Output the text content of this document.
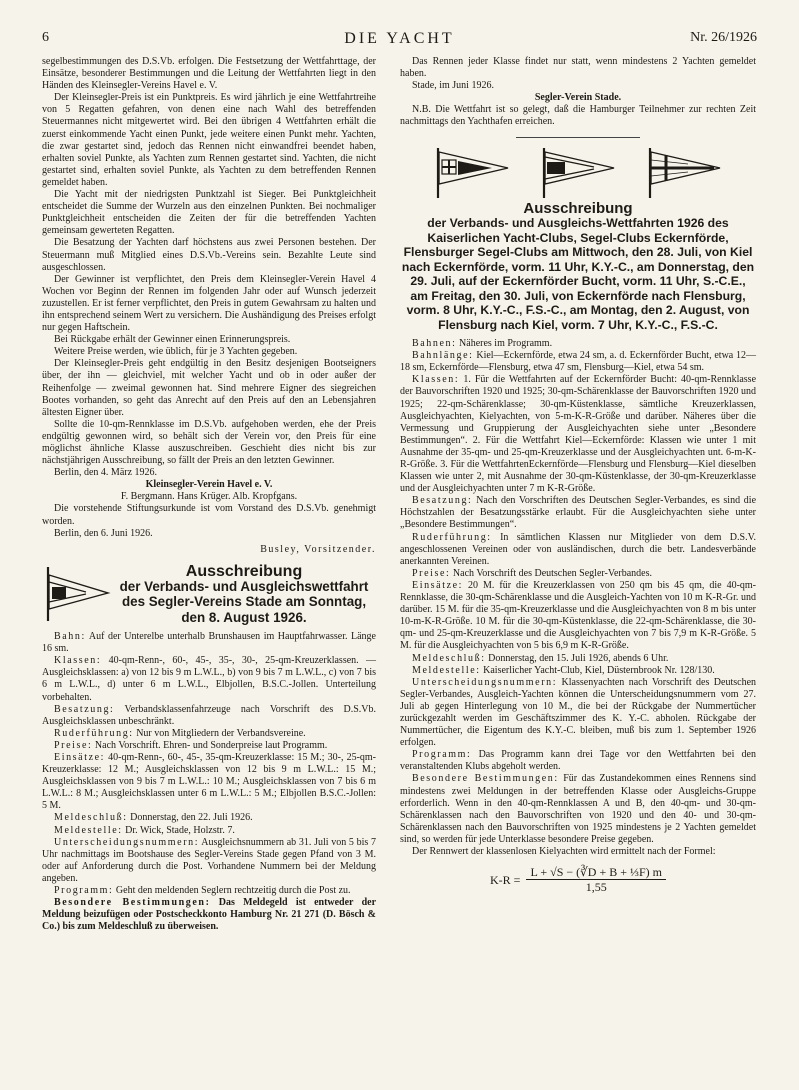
6	DIE YACHT	Nr. 26/1926

segelbestimmungen des D.S.Vb. erfolgen. Die Festsetzung der Wettfahrttage, der Einsätze, besonderer Bestimmungen und die Leitung der Wettfahrten liegt in den Händen des Kleinsegler-Vereins Havel e. V.

Der Kleinsegler-Preis ist ein Punktpreis. Es wird jährlich je eine Wettfahrtreihe von 5 Regatten gefahren, von denen eine nach Wahl des betreffenden Steuermannes nicht mitgewertet wird. Bei den übrigen 4 Wettfahrten erhält die zuerst einkommende Yacht einen Punkt, jede weitere einen Punkt mehr. Yachten, die zwar gestartet sind, jedoch das Rennen nicht einwandfrei beendet haben, erhalten soviel Punkte, als Yachten zum Rennen gestartet sind. Yachten, die nicht gestartet sind, erhalten soviel Punkte, als Yachten zu dem betreffenden Rennen gemeldet haben.

Die Yacht mit der niedrigsten Punktzahl ist Sieger. Bei Punktgleichheit entscheidet die Summe der Wurzeln aus den einzelnen Punkten. Bei nochmaliger Punktgleichheit entscheiden die Zeiten der für die betreffenden Yachten gemeinsam gewerteten Regatten.

Die Besatzung der Yachten darf höchstens aus zwei Personen bestehen. Der Steuermann muß Mitglied eines D.S.Vb.-Vereins sein. Bezahlte Leute sind ausgeschlossen.

Der Gewinner ist verpflichtet, den Preis dem Kleinsegler-Verein Havel 4 Wochen vor Beginn der Rennen im folgenden Jahr oder auf Wunsch jederzeit zuzustellen. Er ist ferner verpflichtet, den Preis in gutem Gewahrsam zu halten und ihn entsprechend seinem Wert zu versichern. Die Aushändigung des Preises erfolgt nur gegen Haftschein.

Bei Rückgabe erhält der Gewinner einen Erinnerungspreis.

Weitere Preise werden, wie üblich, für je 3 Yachten gegeben.

Der Kleinsegler-Preis geht endgültig in den Besitz desjenigen Bootseigners über, der ihn — gleichviel, mit welcher Yacht und ob in oder außer der Reihenfolge — zweimal gewonnen hat. Sind mehrere Eigner des siegreichen Bootes vorhanden, so geht das Anrecht auf den Preis auf den an Lebensjahren ältesten Eigner über.

Sollte die 10-qm-Rennklasse im D.S.Vb. aufgehoben werden, ehe der Preis endgültig gewonnen wird, so behält sich der Verein vor, den Preis für eine möglichst ähnliche Klasse auszuschreiben. Geschieht dies nicht bis zur nächstjährigen Ausschreibung, so fällt der Preis an den letzten Gewinner.

Berlin, den 4. März 1926.

Kleinsegler-Verein Havel e. V.

F. Bergmann. Hans Krüger. Alb. Kropfgans.

Die vorstehende Stiftungsurkunde ist vom Vorstand des D.S.Vb. genehmigt worden.

Berlin, den 6. Juni 1926.

Busley, Vorsitzender.

Ausschreibung
der Verbands- und Ausgleichswettfahrt
des Segler-Vereins Stade am Sonntag,
den 8. August 1926.

Bahn: Auf der Unterelbe unterhalb Brunshausen im Hauptfahrwasser. Länge 16 sm.

Klassen: 40-qm-Renn-, 60-, 45-, 35-, 30-, 25-qm-Kreuzerklassen. — Ausgleichsklassen: a) von 12 bis 9 m L.W.L., b) von 9 bis 7 m L.W.L., c) von 7 bis 6 m L.W.L., d) unter 6 m L.W.L., Elbjollen, B.S.C.-Jollen. Unterteilung vorbehalten.

Besatzung: Verbandsklassenfahrzeuge nach Vorschrift des D.S.Vb. Ausgleichsklassen unbeschränkt.

Ruderführung: Nur von Mitgliedern der Verbandsvereine.

Preise: Nach Vorschrift. Ehren- und Sonderpreise laut Programm.

Einsätze: 40-qm-Renn-, 60-, 45-, 35-qm-Kreuzerklasse: 15 M.; 30-, 25-qm-Kreuzerklasse: 12 M.; Ausgleichsklassen von 12 bis 9 m L.W.L.: 15 M.; Ausgleichsklassen von 9 bis 7 m L.W.L.: 10 M.; Ausgleichsklassen von 7 bis 6 m L.W.L.: 8 M.; Ausgleichsklassen unter 6 m L.W.L.: 5 M.; Elbjollen B.S.C.-Jollen: 5 M.

Meldeschluß: Donnerstag, den 22. Juli 1926.

Meldestelle: Dr. Wick, Stade, Holzstr. 7.

Unterscheidungsnummern: Ausgleichsnummern ab 31. Juli von 5 bis 7 Uhr nachmittags im Bootshause des Segler-Vereins Stade gegen Pfand von 3 M. oder auf Anforderung durch die Post. Vorhandene Nummern bei der Meldung angeben.

Programm: Geht den meldenden Seglern rechtzeitig durch die Post zu.

Besondere Bestimmungen: Das Meldegeld ist entweder der Meldung beizufügen oder Postscheckkonto Hamburg Nr. 21 271 (D. Bösch & Co.) bis zum Meldeschluß zu überweisen.

Das Rennen jeder Klasse findet nur statt, wenn mindestens 2 Yachten gemeldet haben.

Stade, im Juni 1926.

Segler-Verein Stade.

N.B. Die Wettfahrt ist so gelegt, daß die Hamburger Teilnehmer zur rechten Zeit nachmittags den Yachthafen erreichen.

Ausschreibung
der Verbands- und Ausgleichs-Wettfahrten 1926 des Kaiserlichen Yacht-Clubs, Segel-Clubs Eckernförde, Flensburger Segel-Clubs am Mittwoch, den 28. Juli, von Kiel nach Eckernförde, vorm. 11 Uhr, K.Y.-C., am Donnerstag, den 29. Juli, auf der Eckernförder Bucht, vorm. 11 Uhr, S.-C.E., am Freitag, den 30. Juli, von Eckernförde nach Flensburg, vorm. 8 Uhr, K.Y.-C., F.S.-C., am Montag, den 2. August, von Flensburg nach Kiel, vorm. 7 Uhr, K.Y.-C., F.S.-C.

Bahnen: Näheres im Programm.

Bahnlänge: Kiel—Eckernförde, etwa 24 sm, a. d. Eckernförder Bucht, etwa 12—18 sm, Eckernförde—Flensburg, etwa 47 sm, Flensburg—Kiel, etwa 54 sm.

Klassen: 1. Für die Wettfahrten auf der Eckernförder Bucht: 40-qm-Rennklasse der Bauvorschriften 1920 und 1925; 30-qm-Schärenklasse der Bauvorschriften 1920 und 1925; 22-qm-Schärenklasse; 30-qm-Küstenklasse, sämtliche Kreuzerklassen, Ausgleichyachten, Kielyachten, von 5-m-K-R-Größe und darüber. Näheres über die Vermessung und Gruppierung der Ausgleichyachten siehe unter „Besondere Bestimmungen“. 2. Für die Wettfahrt Kiel—Eckernförde: Klassen wie unter 1 mit Ausnahme der 35-qm- und 25-qm-Kreuzerklasse und der Ausgleichyachten unt. 6-m-K-R-Größe. 3. Für die WettfahrtenEckernförde—Flensburg und Flensburg—Kiel dieselben Klassen wie unter 2, mit Ausnahme der 30-qm-Küstenklasse, der 30-qm-Kreuzerklasse und der Ausgleichyachten unter 7 m K-R-Größe.

Besatzung: Nach den Vorschriften des Deutschen Segler-Verbandes, es sind die Höchstzahlen der Besatzungsstärke erlaubt. Für die Ausgleichyachten siehe unter „Besondere Bestimmungen“.

Ruderführung: In sämtlichen Klassen nur Mitglieder von dem D.S.V. angeschlossenen Vereinen oder von ausländischen, durch die betr. Landesverbände anerkannten Vereinen.

Preise: Nach Vorschrift des Deutschen Segler-Verbandes.

Einsätze: 20 M. für die Kreuzerklassen von 250 qm bis 45 qm, die 40-qm-Rennklasse, die 30-qm-Schärenklasse und die Ausgleich-Yachten von 10 m K-R-Gr. und darüber. 15 M. für die 35-qm-Kreuzerklasse und die Ausgleichyachten von 8 m bis unter 10-m-K-R-Größe. 10 M. für die 30-qm-Küstenklasse, die 22-qm-Schärenklasse, die 30-qm- und 25-qm-Kreuzerklasse und die Ausgleichyachten von 7 bis 7,9 m K-R-Größe. 5 M. für die Ausgleichyachten von 5 bis 6,9 m K-R-Größe.

Meldeschluß: Donnerstag, den 15. Juli 1926, abends 6 Uhr.

Meldestelle: Kaiserlicher Yacht-Club, Kiel, Düsternbrook Nr. 128/130.

Unterscheidungsnummern: Klassenyachten nach Vorschrift des Deutschen Segler-Verbandes, Ausgleich-Yachten können die Unterscheidungsnummern vom 27. Juli ab gegen Hinterlegung von 10 M., die bei der Rückgabe der Nummertücher zurückgezahlt werden im Geschäftszimmer des K. Y.-C. abholen. Rückgabe der Nummertücher, die Eigentum des K.Y.-C. bleiben, muß bis zum 1. September 1926 erfolgen.

Programm: Das Programm kann drei Tage vor den Wettfahrten bei den veranstaltenden Klubs abgeholt werden.

Besondere Bestimmungen: Für das Zustandekommen eines Rennens sind mindestens zwei Meldungen in der betreffenden Klasse oder Ausgleichs-Gruppe erforderlich. Wenn in den 40-qm-Rennklassen A und B, den 40-qm- und 30-qm-Schärenklassen nach den Bauvorschriften von 1920 und den 40- und 30-qm-Schärenklassen nach den Bauvorschriften von 1925 mindestens je 2 Yachten gemeldet sind, so werden für jede Unterklasse besondere Preise gegeben.

Der Rennwert der klassenlosen Kielyachten wird ermittelt nach der Formel:

$K-R = \frac{\text{L + √S − (∛D + B + ⅓F) m}}{1,55}$
